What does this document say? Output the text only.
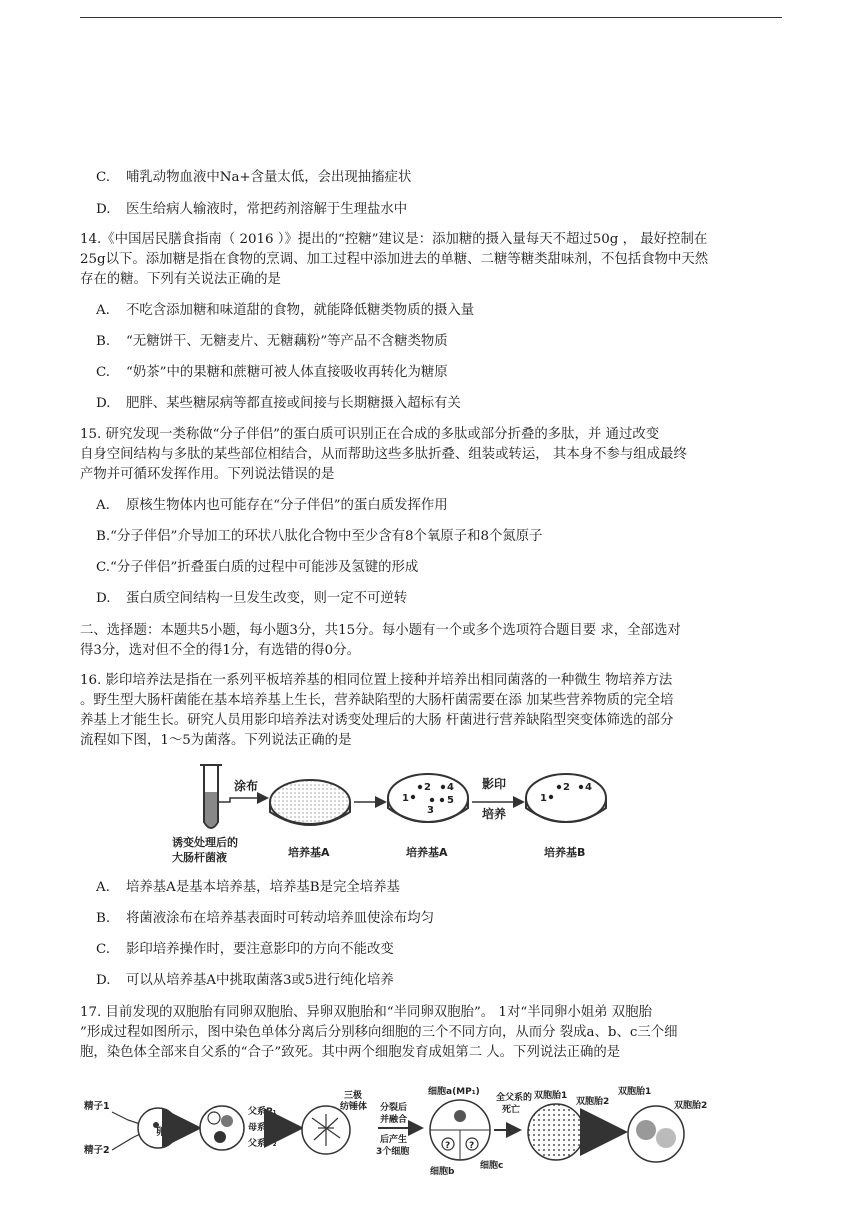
C. 哺乳动物血液中Na+含量太低，会出现抽搐症状
D. 医生给病人输液时，常把药剂溶解于生理盐水中
14.《中国居民膳食指南（ 2016 ）》提出的“控糖”建议是：添加糖的摄入量每天不超过50g ， 最好控制在
25g以下。添加糖是指在食物的烹调、加工过程中添加进去的单糖、二糖等糖类甜味剂，不包括食物中天然
存在的糖。下列有关说法正确的是
A. 不吃含添加糖和味道甜的食物，就能降低糖类物质的摄入量
B. “无糖饼干、无糖麦片、无糖藕粉”等产品不含糖类物质
C. “奶茶”中的果糖和蔗糖可被人体直接吸收再转化为糖原
D. 肥胖、某些糖尿病等都直接或间接与长期糖摄入超标有关
15. 研究发现一类称做“分子伴侣”的蛋白质可识别正在合成的多肽或部分折叠的多肽，并 通过改变
自身空间结构与多肽的某些部位相结合，从而帮助这些多肽折叠、组装或转运， 其本身不参与组成最终
产物并可循环发挥作用。下列说法错误的是
A. 原核生物体内也可能存在“分子伴侣”的蛋白质发挥作用
B.“分子伴侣”介导加工的环状八肽化合物中至少含有8个氧原子和8个氮原子
C.“分子伴侣”折叠蛋白质的过程中可能涉及氢键的形成
D. 蛋白质空间结构一旦发生改变，则一定不可逆转
二、选择题：本题共5小题，每小题3分，共15分。每小题有一个或多个选项符合题目要 求，全部选对
得3分，选对但不全的得1分，有选错的得0分。
16. 影印培养法是指在一系列平板培养基的相同位置上接种并培养出相同菌落的一种微生 物培养方法
。野生型大肠杆菌能在基本培养基上生长，营养缺陷型的大肠杆菌需要在添 加某些营养物质的完全培
养基上才能生长。研究人员用影印培养法对诱变处理后的大肠 杆菌进行营养缺陷型突变体筛选的部分
流程如下图，1～5为菌落。下列说法正确的是
诱变处理后的
大肠杆菌液
涂布
培养基A
1
2
3
4
5
培养基A
影印
培养
1
2 4
培养基B
A. 培养基A是基本培养基，培养基B是完全培养基
B. 将菌液涂布在培养基表面时可转动培养皿使涂布均匀
C. 影印培养操作时，要注意影印的方向不能改变
D. 可以从培养基A中挑取菌落3或5进行纯化培养
17. 目前发现的双胞胎有同卵双胞胎、异卵双胞胎和“半同卵双胞胎”。 1对“半同卵小姐弟 双胞胎
”形成过程如图所示，图中染色单体分离后分别移向细胞的三个不同方向，从而分 裂成a、b、c三个细
胞，染色体全部来自父系的“合子”致死。其中两个细胞发育成姐第二 人。下列说法正确的是
精子1
精子2
卵子
父系P₁
母系M
父系P₂
三极
纺锤体 分裂后
并融合
后产生
3个细胞
? ?
细胞a(MP₁)
细胞b
细胞c
全父系的
死亡
双胞胎1
双胞胎2
双胞胎1
双胞胎2
